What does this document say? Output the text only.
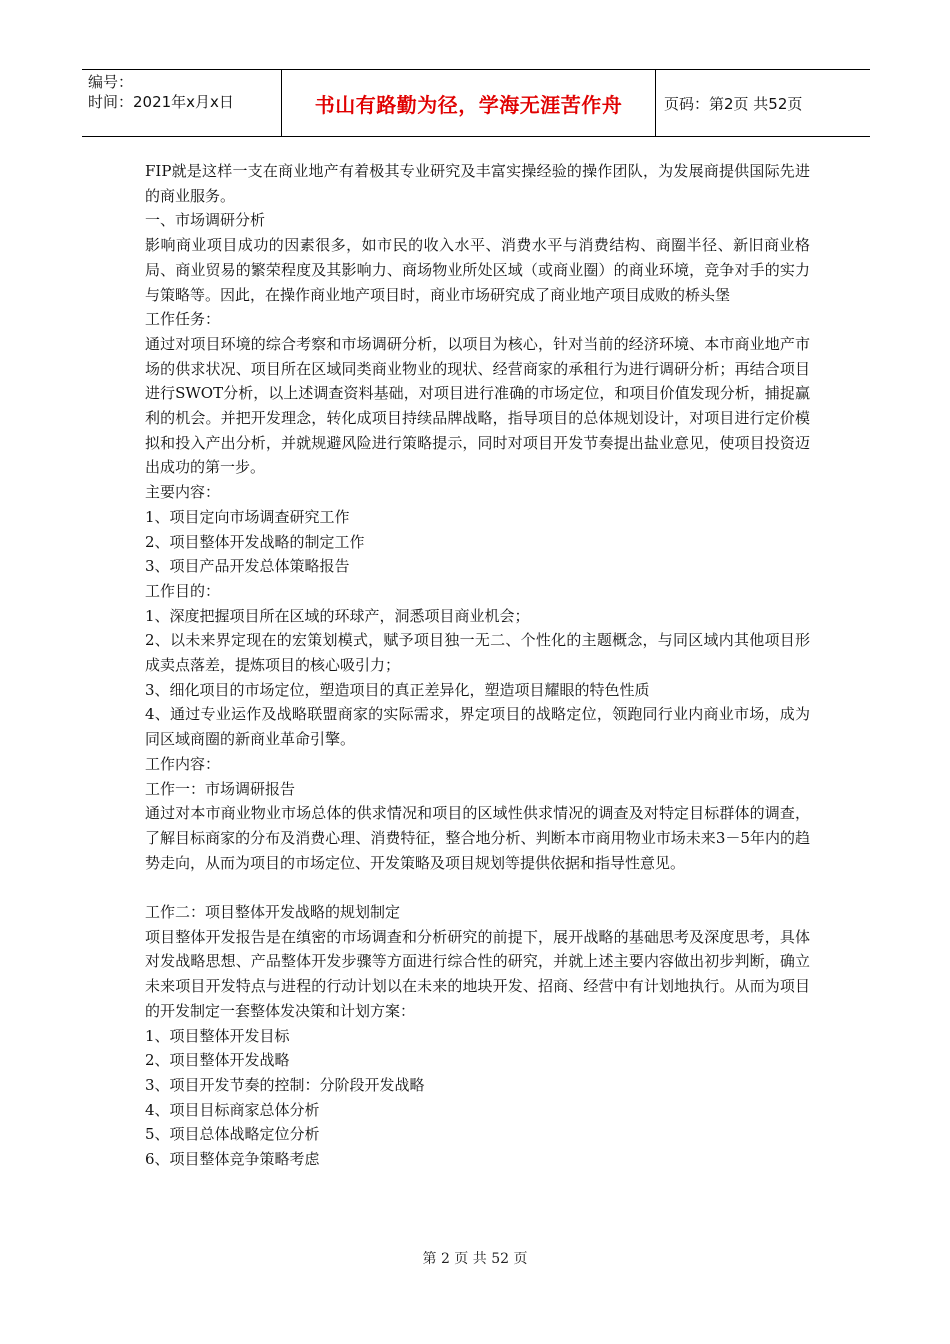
编号：
时间：2021年x月x日	书山有路勤为径，学海无涯苦作舟	页码：第2页 共52页

FIP就是这样一支在商业地产有着极其专业研究及丰富实操经验的操作团队，为发展商提供国际先进的商业服务。

一、市场调研分析

影响商业项目成功的因素很多，如市民的收入水平、消费水平与消费结构、商圈半径、新旧商业格局、商业贸易的繁荣程度及其影响力、商场物业所处区域（或商业圈）的商业环境，竞争对手的实力与策略等。因此，在操作商业地产项目时，商业市场研究成了商业地产项目成败的桥头堡

工作任务：

通过对项目环境的综合考察和市场调研分析，以项目为核心，针对当前的经济环境、本市商业地产市场的供求状况、项目所在区域同类商业物业的现状、经营商家的承租行为进行调研分析；再结合项目进行SWOT分析，以上述调查资料基础，对项目进行准确的市场定位，和项目价值发现分析，捕捉赢利的机会。并把开发理念，转化成项目持续品牌战略，指导项目的总体规划设计，对项目进行定价模拟和投入产出分析，并就规避风险进行策略提示，同时对项目开发节奏提出盐业意见，使项目投资迈出成功的第一步。

主要内容：

1、项目定向市场调查研究工作

2、项目整体开发战略的制定工作

3、项目产品开发总体策略报告

工作目的：

1、深度把握项目所在区域的环球产，洞悉项目商业机会；

2、以未来界定现在的宏策划模式，赋予项目独一无二、个性化的主题概念，与同区域内其他项目形成卖点落差，提炼项目的核心吸引力；

3、细化项目的市场定位，塑造项目的真正差异化，塑造项目耀眼的特色性质

4、通过专业运作及战略联盟商家的实际需求，界定项目的战略定位，领跑同行业内商业市场，成为同区域商圈的新商业革命引擎。

工作内容：

工作一：市场调研报告

通过对本市商业物业市场总体的供求情况和项目的区域性供求情况的调查及对特定目标群体的调查，了解目标商家的分布及消费心理、消费特征，整合地分析、判断本市商用物业市场未来3－5年内的趋势走向，从而为项目的市场定位、开发策略及项目规划等提供依据和指导性意见。

工作二：项目整体开发战略的规划制定

项目整体开发报告是在缜密的市场调查和分析研究的前提下，展开战略的基础思考及深度思考，具体对发战略思想、产品整体开发步骤等方面进行综合性的研究，并就上述主要内容做出初步判断，确立未来项目开发特点与进程的行动计划以在未来的地块开发、招商、经营中有计划地执行。从而为项目的开发制定一套整体发决策和计划方案：

1、项目整体开发目标

2、项目整体开发战略

3、项目开发节奏的控制：分阶段开发战略

4、项目目标商家总体分析

5、项目总体战略定位分析

6、项目整体竞争策略考虑

第 2 页 共 52 页
